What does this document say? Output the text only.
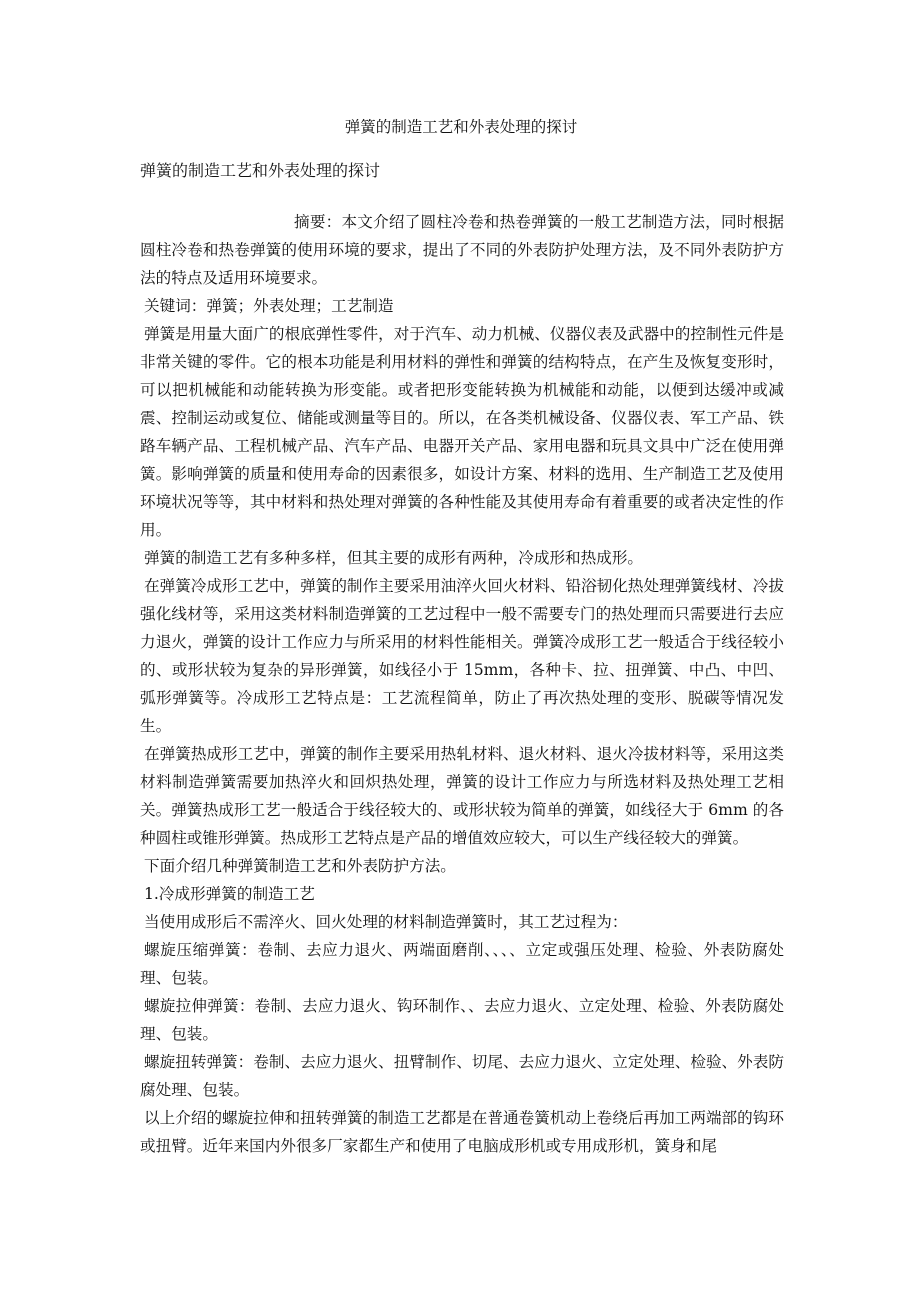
弹簧的制造工艺和外表处理的探讨

弹簧的制造工艺和外表处理的探讨

摘要：本文介绍了圆柱冷卷和热卷弹簧的一般工艺制造方法，同时根据圆柱冷卷和热卷弹簧的使用环境的要求，提出了不同的外表防护处理方法，及不同外表防护方法的特点及适用环境要求。

关键词：弹簧；外表处理；工艺制造

弹簧是用量大面广的根底弹性零件，对于汽车、动力机械、仪器仪表及武器中的控制性元件是非常关键的零件。它的根本功能是利用材料的弹性和弹簧的结构特点，在产生及恢复变形时，可以把机械能和动能转换为形变能。或者把形变能转换为机械能和动能，以便到达缓冲或减震、控制运动或复位、储能或测量等目的。所以，在各类机械设备、仪器仪表、军工产品、铁路车辆产品、工程机械产品、汽车产品、电器开关产品、家用电器和玩具文具中广泛在使用弹簧。影响弹簧的质量和使用寿命的因素很多，如设计方案、材料的选用、生产制造工艺及使用环境状况等等，其中材料和热处理对弹簧的各种性能及其使用寿命有着重要的或者决定性的作用。

弹簧的制造工艺有多种多样，但其主要的成形有两种，冷成形和热成形。

在弹簧冷成形工艺中，弹簧的制作主要采用油淬火回火材料、铅浴韧化热处理弹簧线材、冷拔强化线材等，采用这类材料制造弹簧的工艺过程中一般不需要专门的热处理而只需要进行去应力退火，弹簧的设计工作应力与所采用的材料性能相关。弹簧冷成形工艺一般适合于线径较小的、或形状较为复杂的异形弹簧，如线径小于 15mm，各种卡、拉、扭弹簧、中凸、中凹、弧形弹簧等。冷成形工艺特点是：工艺流程简单，防止了再次热处理的变形、脱碳等情况发生。

在弹簧热成形工艺中，弹簧的制作主要采用热轧材料、退火材料、退火冷拔材料等，采用这类材料制造弹簧需要加热淬火和回炽热处理，弹簧的设计工作应力与所选材料及热处理工艺相关。弹簧热成形工艺一般适合于线径较大的、或形状较为简单的弹簧，如线径大于 6mm 的各种圆柱或锥形弹簧。热成形工艺特点是产品的增值效应较大，可以生产线径较大的弹簧。

下面介绍几种弹簧制造工艺和外表防护方法。

1.冷成形弹簧的制造工艺

当使用成形后不需淬火、回火处理的材料制造弹簧时，其工艺过程为：

螺旋压缩弹簧：卷制、去应力退火、两端面磨削、、、、立定或强压处理、检验、外表防腐处理、包装。

螺旋拉伸弹簧：卷制、去应力退火、钩环制作、、去应力退火、立定处理、检验、外表防腐处理、包装。

螺旋扭转弹簧：卷制、去应力退火、扭臂制作、切尾、去应力退火、立定处理、检验、外表防腐处理、包装。

以上介绍的螺旋拉伸和扭转弹簧的制造工艺都是在普通卷簧机动上卷绕后再加工两端部的钩环或扭臂。近年来国内外很多厂家都生产和使用了电脑成形机或专用成形机，簧身和尾
